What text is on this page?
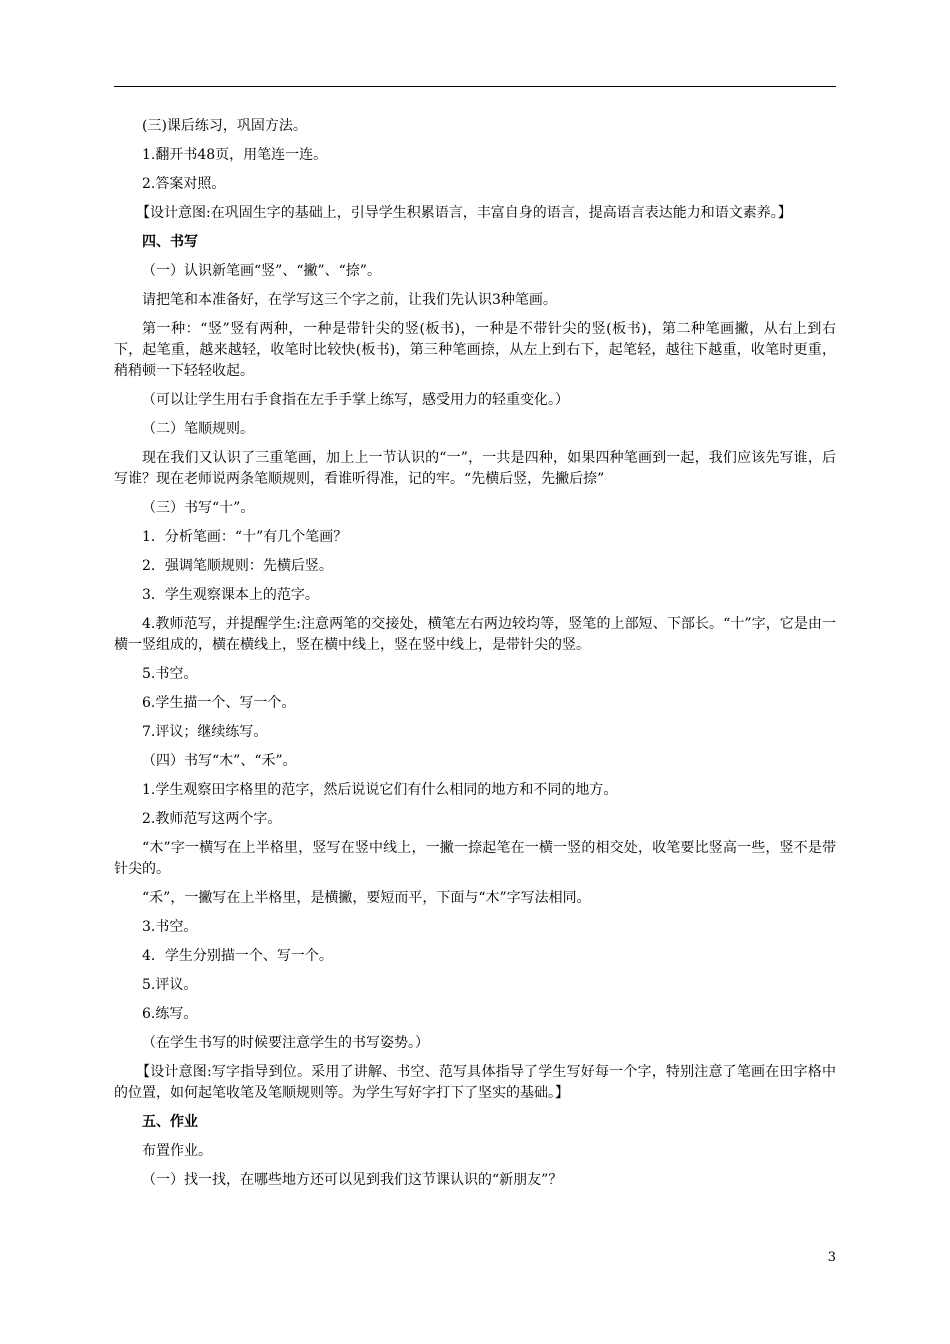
(三)课后练习，巩固方法。

1.翻开书48页，用笔连一连。

2.答案对照。

【设计意图:在巩固生字的基础上，引导学生积累语言，丰富自身的语言，提高语言表达能力和语文素养。】

四、书写

（一）认识新笔画“竖”、“撇”、“捺”。

请把笔和本准备好，在学写这三个字之前，让我们先认识3种笔画。

第一种：“竖”竖有两种，一种是带针尖的竖(板书)，一种是不带针尖的竖(板书)，第二种笔画撇，从右上到右下，起笔重，越来越轻，收笔时比较快(板书)，第三种笔画捺，从左上到右下，起笔轻，越往下越重，收笔时更重，稍稍顿一下轻轻收起。

（可以让学生用右手食指在左手手掌上练写，感受用力的轻重变化。）

（二）笔顺规则。

现在我们又认识了三重笔画，加上上一节认识的“一”，一共是四种，如果四种笔画到一起，我们应该先写谁，后写谁？现在老师说两条笔顺规则，看谁听得准，记的牢。“先横后竖，先撇后捺”

（三）书写“十”。

1．分析笔画：“十”有几个笔画？

2．强调笔顺规则：先横后竖。

3．学生观察课本上的范字。

4.教师范写，并提醒学生:注意两笔的交接处，横笔左右两边较均等，竖笔的上部短、下部长。“十”字，它是由一横一竖组成的，横在横线上，竖在横中线上，竖在竖中线上，是带针尖的竖。

5.书空。

6.学生描一个、写一个。

7.评议；继续练写。

（四）书写“木”、“禾”。

1.学生观察田字格里的范字，然后说说它们有什么相同的地方和不同的地方。

2.教师范写这两个字。

“木”字一横写在上半格里，竖写在竖中线上，一撇一捺起笔在一横一竖的相交处，收笔要比竖高一些，竖不是带针尖的。

“禾”，一撇写在上半格里，是横撇，要短而平，下面与“木”字写法相同。

3.书空。

4．学生分别描一个、写一个。

5.评议。

6.练写。

（在学生书写的时候要注意学生的书写姿势。）

【设计意图:写字指导到位。采用了讲解、书空、范写具体指导了学生写好每一个字，特别注意了笔画在田字格中的位置，如何起笔收笔及笔顺规则等。为学生写好字打下了坚实的基础。】

五、作业

布置作业。

（一）找一找，在哪些地方还可以见到我们这节课认识的“新朋友”？

3
